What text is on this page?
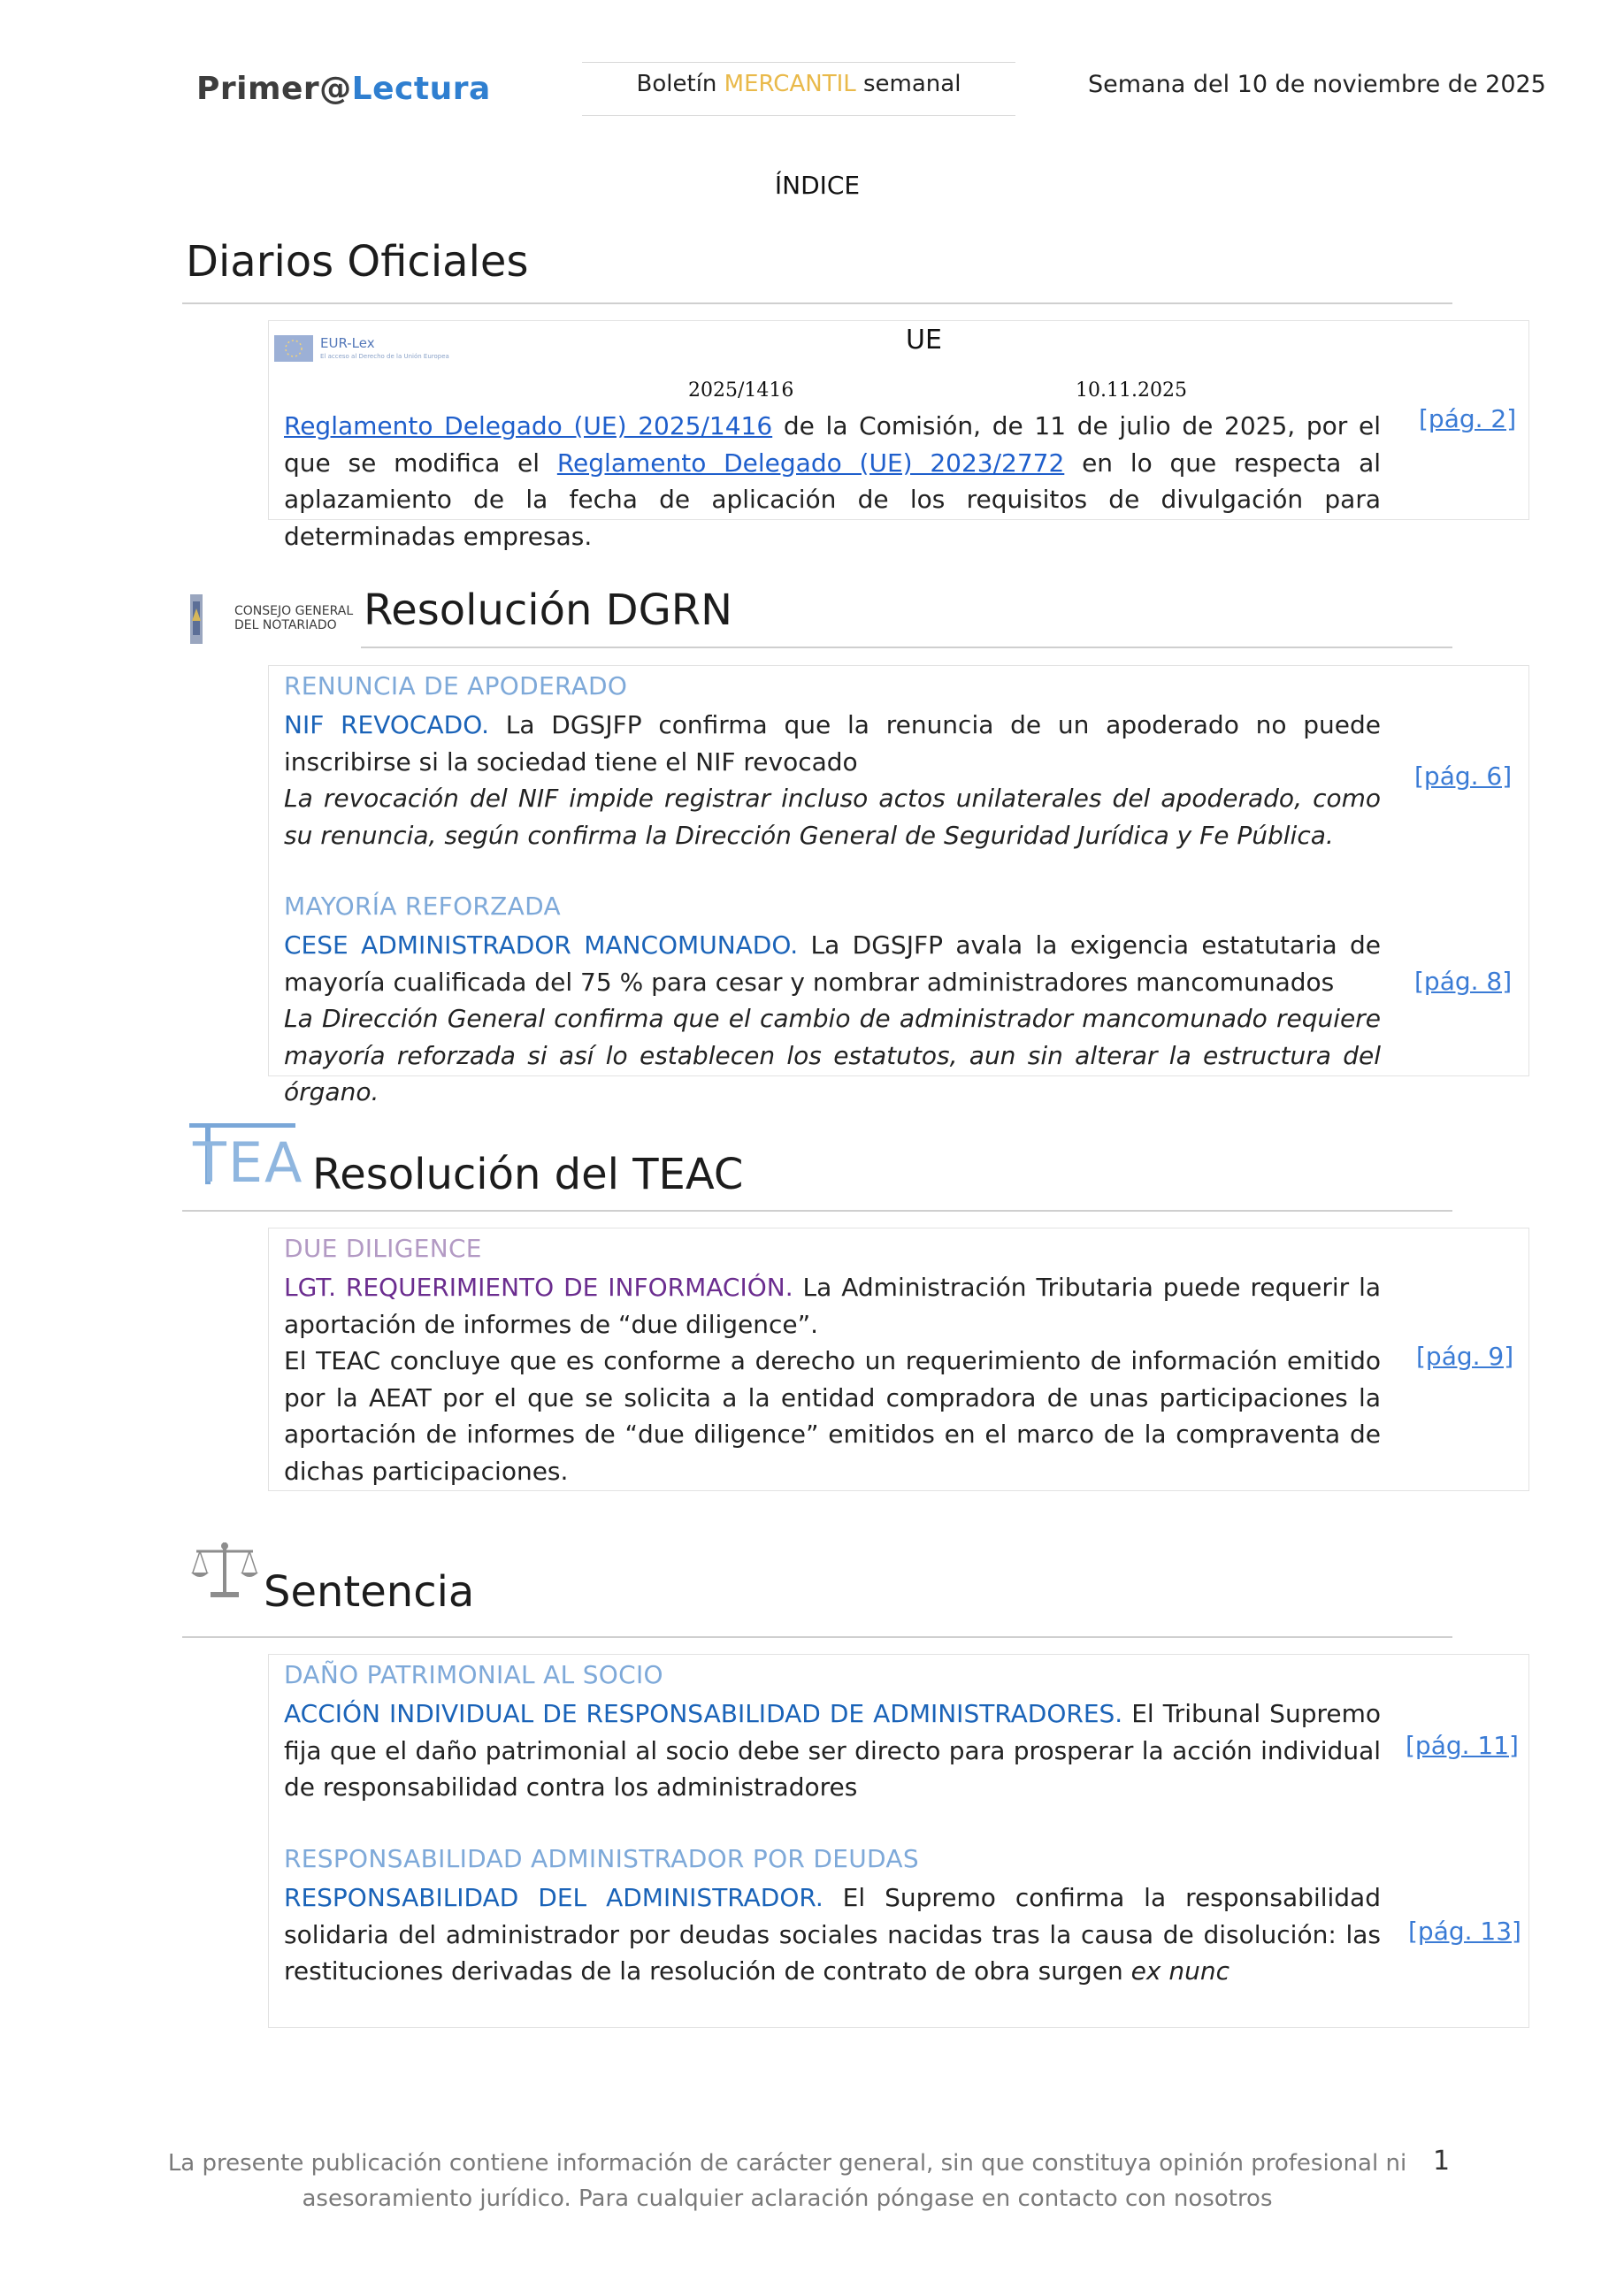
Primer@Lectura	Boletín MERCANTIL semanal	Semana del 10 de noviembre de 2025
ÍNDICE
Diarios Oficiales
EUR-Lex
El acceso al Derecho de la Unión Europea
UE
2025/1416	10.11.2025
Reglamento Delegado (UE) 2025/1416 de la Comisión, de 11 de julio de 2025, por el que se modifica el Reglamento Delegado (UE) 2023/2772 en lo que respecta al aplazamiento de la fecha de aplicación de los requisitos de divulgación para determinadas empresas.
[pág. 2]
CONSEJO GENERAL
DEL NOTARIADO Resolución DGRN
RENUNCIA DE APODERADO
NIF REVOCADO. La DGSJFP confirma que la renuncia de un apoderado no puede inscribirse si la sociedad tiene el NIF revocado
La revocación del NIF impide registrar incluso actos unilaterales del apoderado, como su renuncia, según confirma la Dirección General de Seguridad Jurídica y Fe Pública.
[pág. 6]
MAYORÍA REFORZADA
CESE ADMINISTRADOR MANCOMUNADO. La DGSJFP avala la exigencia estatutaria de mayoría cualificada del 75 % para cesar y nombrar administradores mancomunados
La Dirección General confirma que el cambio de administrador mancomunado requiere mayoría reforzada si así lo establecen los estatutos, aun sin alterar la estructura del órgano.
[pág. 8]
TEA Resolución del TEAC
DUE DILIGENCE
LGT. REQUERIMIENTO DE INFORMACIÓN. La Administración Tributaria puede requerir la aportación de informes de “due diligence”.
El TEAC concluye que es conforme a derecho un requerimiento de información emitido por la AEAT por el que se solicita a la entidad compradora de unas participaciones la aportación de informes de “due diligence” emitidos en el marco de la compraventa de dichas participaciones.
[pág. 9]
Sentencia
DAÑO PATRIMONIAL AL SOCIO
ACCIÓN INDIVIDUAL DE RESPONSABILIDAD DE ADMINISTRADORES. El Tribunal Supremo fija que el daño patrimonial al socio debe ser directo para prosperar la acción individual de responsabilidad contra los administradores
[pág. 11]
RESPONSABILIDAD ADMINISTRADOR POR DEUDAS
RESPONSABILIDAD DEL ADMINISTRADOR. El Supremo confirma la responsabilidad solidaria del administrador por deudas sociales nacidas tras la causa de disolución: las restituciones derivadas de la resolución de contrato de obra surgen ex nunc
[pág. 13]
La presente publicación contiene información de carácter general, sin que constituya opinión profesional ni
asesoramiento jurídico. Para cualquier aclaración póngase en contacto con nosotros
1
